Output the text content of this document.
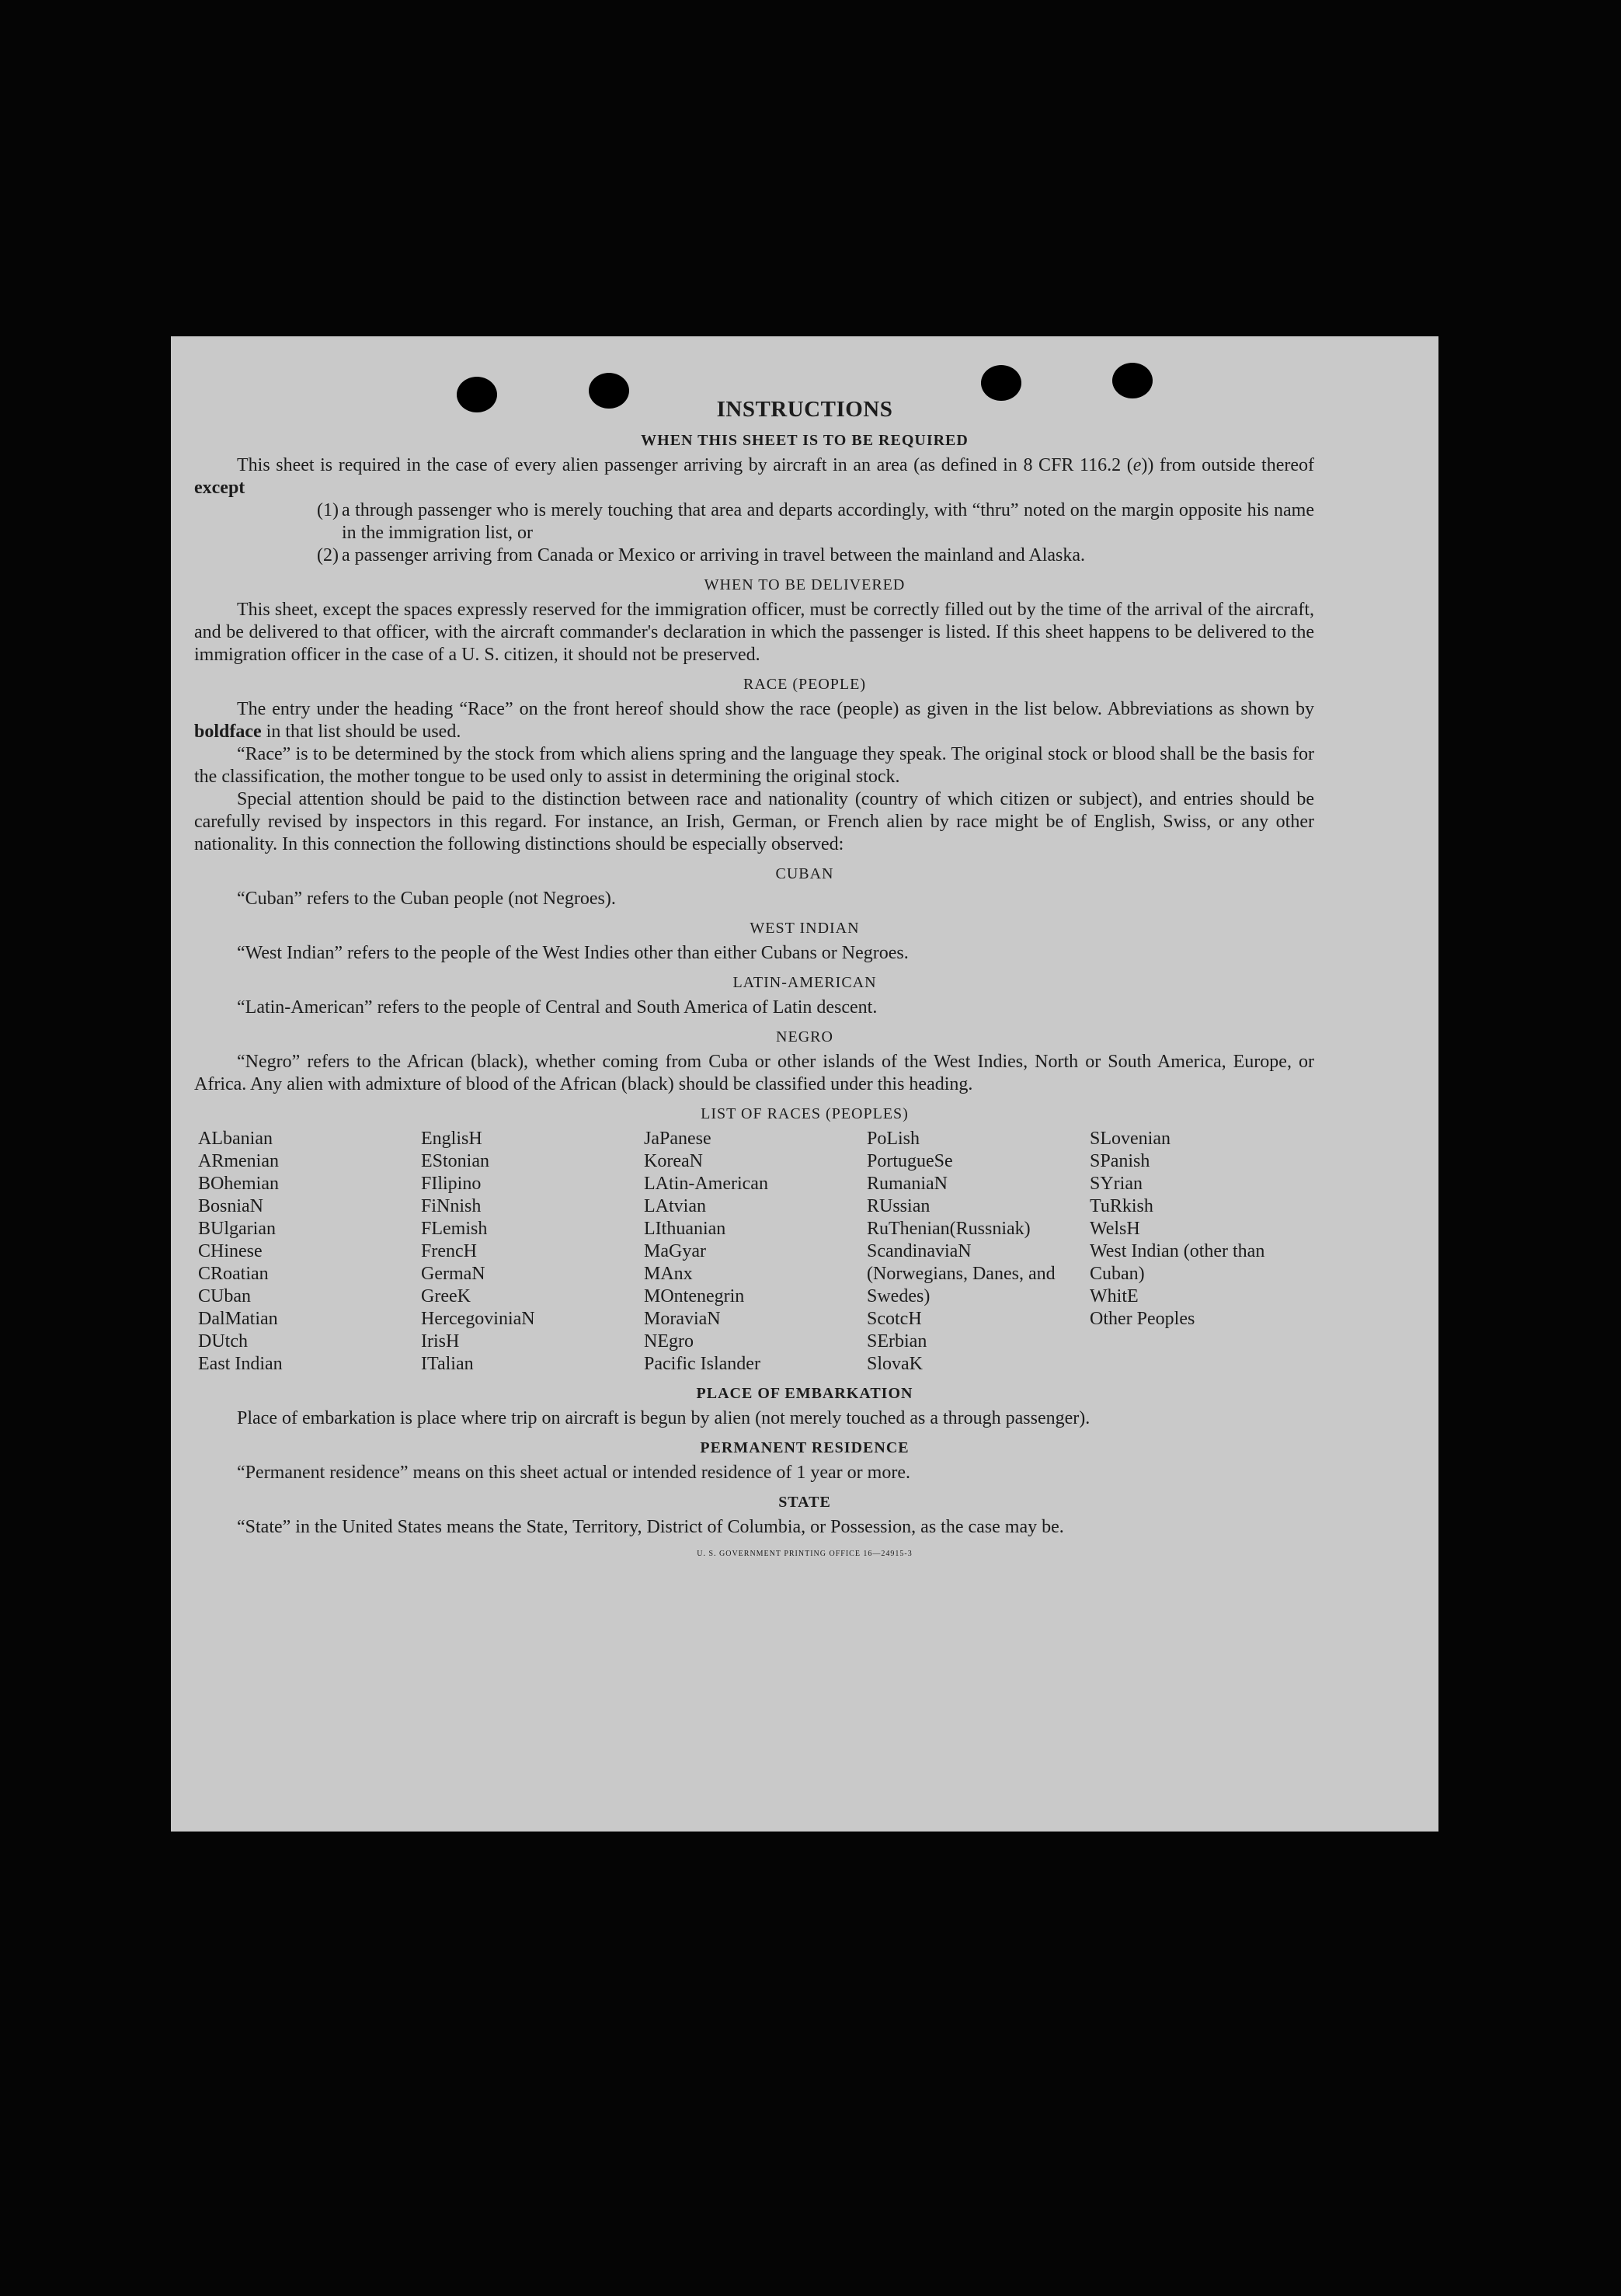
INSTRUCTIONS
WHEN THIS SHEET IS TO BE REQUIRED

This sheet is required in the case of every alien passenger arriving by aircraft in an area (as defined in 8 CFR 116.2 (e)) from outside thereof except

(1) a through passenger who is merely touching that area and departs accordingly, with “thru” noted on the margin opposite his name in the immigration list, or
(2) a passenger arriving from Canada or Mexico or arriving in travel between the mainland and Alaska.
WHEN TO BE DELIVERED

This sheet, except the spaces expressly reserved for the immigration officer, must be correctly filled out by the time of the arrival of the aircraft, and be delivered to that officer, with the aircraft commander's declaration in which the passenger is listed. If this sheet happens to be delivered to the immigration officer in the case of a U. S. citizen, it should not be preserved.

RACE (PEOPLE)

The entry under the heading “Race” on the front hereof should show the race (people) as given in the list below. Abbreviations as shown by boldface in that list should be used.

“Race” is to be determined by the stock from which aliens spring and the language they speak. The original stock or blood shall be the basis for the classification, the mother tongue to be used only to assist in determining the original stock.

Special attention should be paid to the distinction between race and nationality (country of which citizen or subject), and entries should be carefully revised by inspectors in this regard. For instance, an Irish, German, or French alien by race might be of English, Swiss, or any other nationality. In this connection the following distinctions should be especially observed:

CUBAN

“Cuban” refers to the Cuban people (not Negroes).

WEST INDIAN

“West Indian” refers to the people of the West Indies other than either Cubans or Negroes.

LATIN-AMERICAN

“Latin-American” refers to the people of Central and South America of Latin descent.

NEGRO

“Negro” refers to the African (black), whether coming from Cuba or other islands of the West Indies, North or South America, Europe, or Africa. Any alien with admixture of blood of the African (black) should be classified under this heading.

LIST OF RACES (PEOPLES)
ALbanian
ARmenian
BOhemian
BosniaN
BUlgarian
CHinese
CRoatian
CUban
DalMatian
DUtch
East Indian
EnglisH
EStonian
FIlipino
FiNnish
FLemish
FrencH
GermaN
GreeK
HercegoviniaN
IrisH
ITalian
JaPanese
KoreaN
LAtin-American
LAtvian
LIthuanian
MaGyar
MAnx
MOntenegrin
MoraviaN
NEgro
Pacific Islander
PoLish
PortugueSe
RumaniaN
RUssian
RuThenian(Russniak)
ScandinaviaN (Norwegians, Danes, and Swedes)
ScotcH
SErbian
SlovaK
SLovenian
SPanish
SYrian
TuRkish
WelsH
West Indian (other than Cuban)
WhitE
Other Peoples
PLACE OF EMBARKATION

Place of embarkation is place where trip on aircraft is begun by alien (not merely touched as a through passenger).

PERMANENT RESIDENCE

“Permanent residence” means on this sheet actual or intended residence of 1 year or more.

STATE

“State” in the United States means the State, Territory, District of Columbia, or Possession, as the case may be.

U. S. GOVERNMENT PRINTING OFFICE 16—24915-3
